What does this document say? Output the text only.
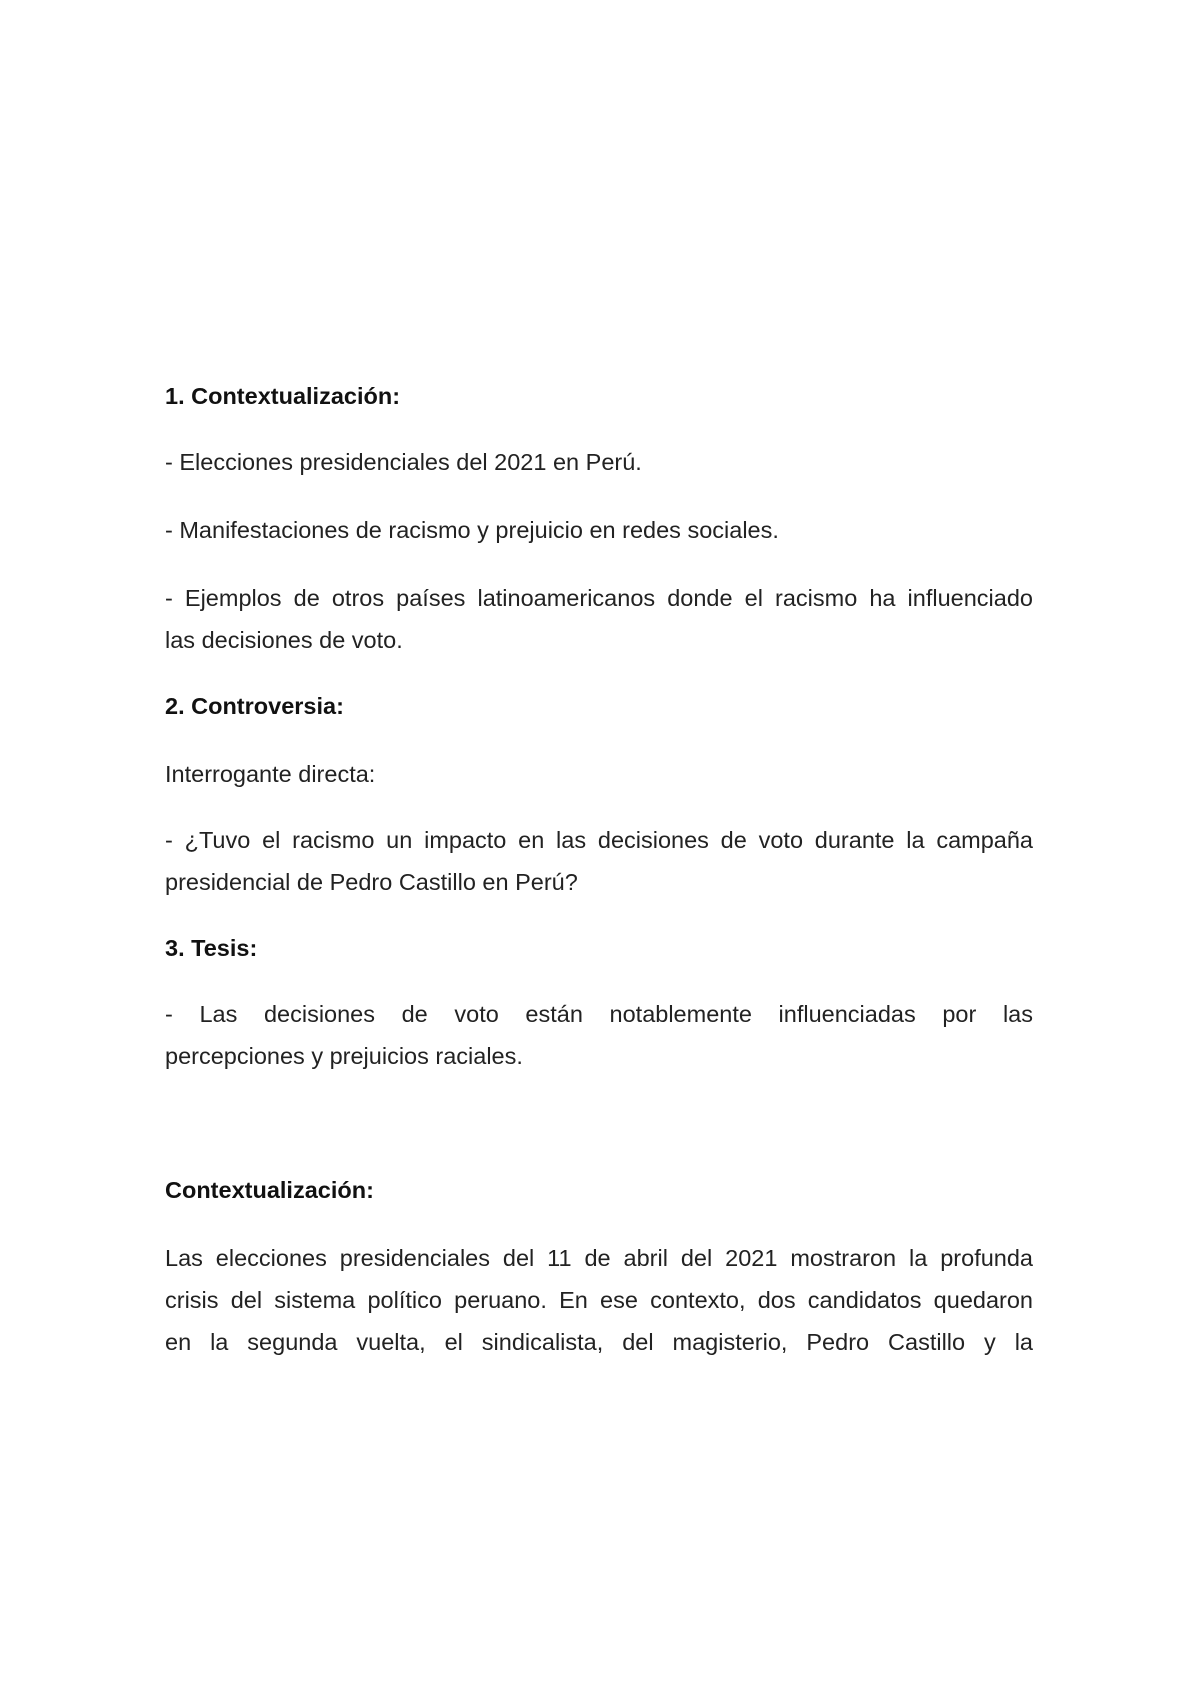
1. Contextualización:
- Elecciones presidenciales del 2021 en Perú.
- Manifestaciones de racismo y prejuicio en redes sociales.
- Ejemplos de otros países latinoamericanos donde el racismo ha influenciado
las decisiones de voto.
2. Controversia:
Interrogante directa:
- ¿Tuvo el racismo un impacto en las decisiones de voto durante la campaña
presidencial de Pedro Castillo en Perú?
3. Tesis:
- Las decisiones de voto están notablemente influenciadas por las
percepciones y prejuicios raciales.
Contextualización:
Las elecciones presidenciales del 11 de abril del 2021 mostraron la profunda
crisis del sistema político peruano. En ese contexto, dos candidatos quedaron
en la segunda vuelta, el sindicalista, del magisterio, Pedro Castillo y la
